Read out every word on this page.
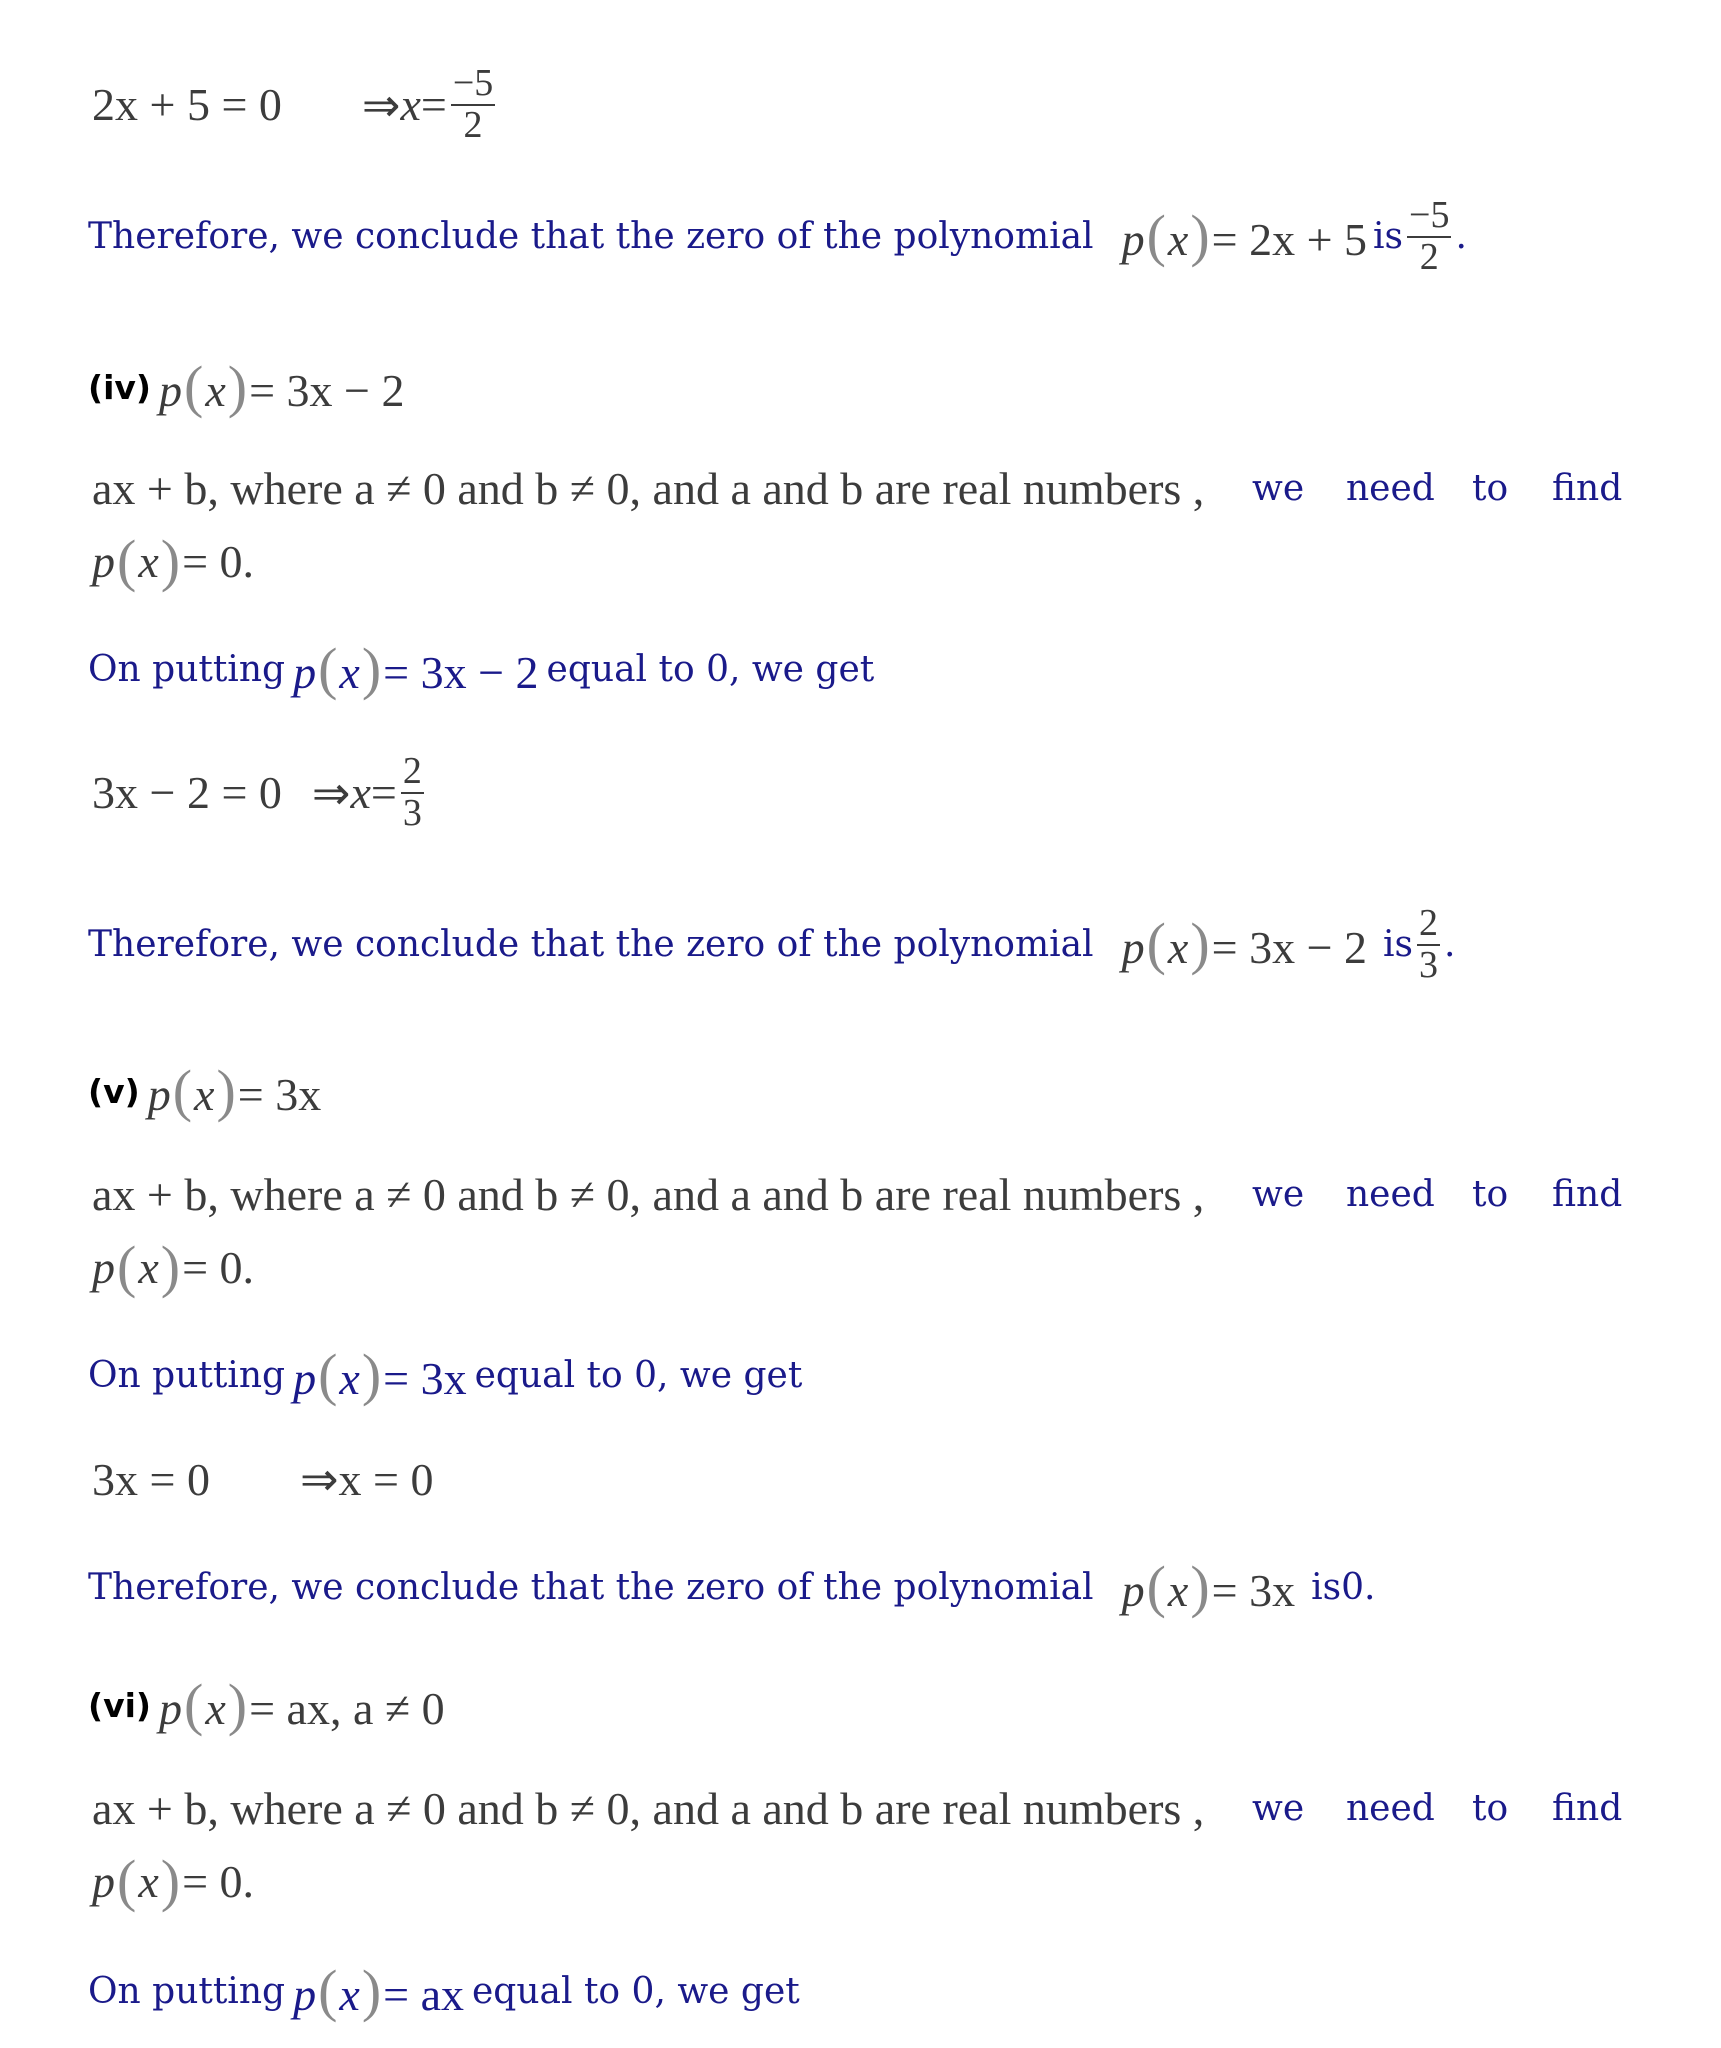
2x + 5 = 0 ⇒ $x = \frac{-5}{2}$
Therefore, we conclude that the zero of the polynomial p(x)= 2x + 5 is $\frac{-5}{2}$ .
(iv) p(x)= 3x − 2
ax + b, where a ≠ 0 and b ≠ 0, and a and b are real numbers , we need to find
p ( x ) = 0.
On putting p(x)= 3x − 2 equal to 0, we get
3x − 2 = 0 ⇒ $x = \frac{2}{3}$
Therefore, we conclude that the zero of the polynomial p(x)= 3x − 2 is $\frac{2}{3}$ .
(v) p(x)= 3x
ax + b, where a ≠ 0 and b ≠ 0, and a and b are real numbers , we need to find
p ( x ) = 0.
On putting p(x)= 3x equal to 0, we get
3x = 0 ⇒ x = 0
Therefore, we conclude that the zero of the polynomial p(x)= 3x is0.
(vi) p(x)= ax, a ≠ 0
ax + b, where a ≠ 0 and b ≠ 0, and a and b are real numbers , we need to find
p ( x ) = 0.
On putting p(x)= ax equal to 0, we get
